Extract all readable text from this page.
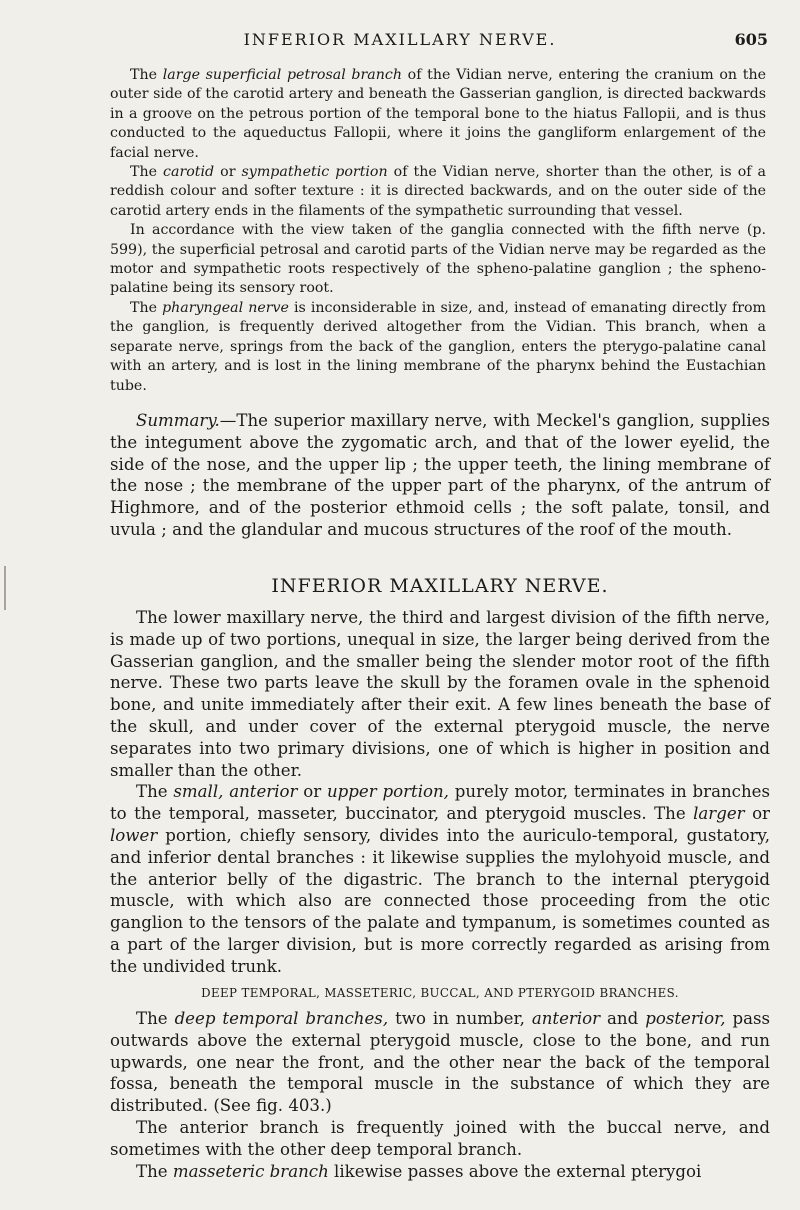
INFERIOR MAXILLARY NERVE.	605

The large superficial petrosal branch of the Vidian nerve, entering the cranium on the outer side of the carotid artery and beneath the Gasserian ganglion, is directed backwards in a groove on the petrous portion of the temporal bone to the hiatus Fallopii, and is thus conducted to the aqueductus Fallopii, where it joins the gangliform enlargement of the facial nerve.

The carotid or sympathetic portion of the Vidian nerve, shorter than the other, is of a reddish colour and softer texture : it is directed backwards, and on the outer side of the carotid artery ends in the filaments of the sympathetic surrounding that vessel.

In accordance with the view taken of the ganglia connected with the fifth nerve (p. 599), the superficial petrosal and carotid parts of the Vidian nerve may be regarded as the motor and sympathetic roots respectively of the spheno-palatine ganglion ; the spheno-palatine being its sensory root.

The pharyngeal nerve is inconsiderable in size, and, instead of emanating directly from the ganglion, is frequently derived altogether from the Vidian. This branch, when a separate nerve, springs from the back of the ganglion, enters the pterygo-palatine canal with an artery, and is lost in the lining membrane of the pharynx behind the Eustachian tube.

Summary.—The superior maxillary nerve, with Meckel's ganglion, supplies the integument above the zygomatic arch, and that of the lower eyelid, the side of the nose, and the upper lip ; the upper teeth, the lining membrane of the nose ; the membrane of the upper part of the pharynx, of the antrum of Highmore, and of the posterior ethmoid cells ; the soft palate, tonsil, and uvula ; and the glandular and mucous structures of the roof of the mouth.

INFERIOR MAXILLARY NERVE.

The lower maxillary nerve, the third and largest division of the fifth nerve, is made up of two portions, unequal in size, the larger being derived from the Gasserian ganglion, and the smaller being the slender motor root of the fifth nerve. These two parts leave the skull by the foramen ovale in the sphenoid bone, and unite immediately after their exit. A few lines beneath the base of the skull, and under cover of the external pterygoid muscle, the nerve separates into two primary divisions, one of which is higher in position and smaller than the other.

The small, anterior or upper portion, purely motor, terminates in branches to the temporal, masseter, buccinator, and pterygoid muscles. The larger or lower portion, chiefly sensory, divides into the auriculo-temporal, gustatory, and inferior dental branches : it likewise supplies the mylohyoid muscle, and the anterior belly of the digastric. The branch to the internal pterygoid muscle, with which also are connected those proceeding from the otic ganglion to the tensors of the palate and tympanum, is sometimes counted as a part of the larger division, but is more correctly regarded as arising from the undivided trunk.

DEEP TEMPORAL, MASSETERIC, BUCCAL, AND PTERYGOID BRANCHES.

The deep temporal branches, two in number, anterior and posterior, pass outwards above the external pterygoid muscle, close to the bone, and run upwards, one near the front, and the other near the back of the temporal fossa, beneath the temporal muscle in the substance of which they are distributed. (See fig. 403.)

The anterior branch is frequently joined with the buccal nerve, and sometimes with the other deep temporal branch.

The masseteric branch likewise passes above the external pterygoi
